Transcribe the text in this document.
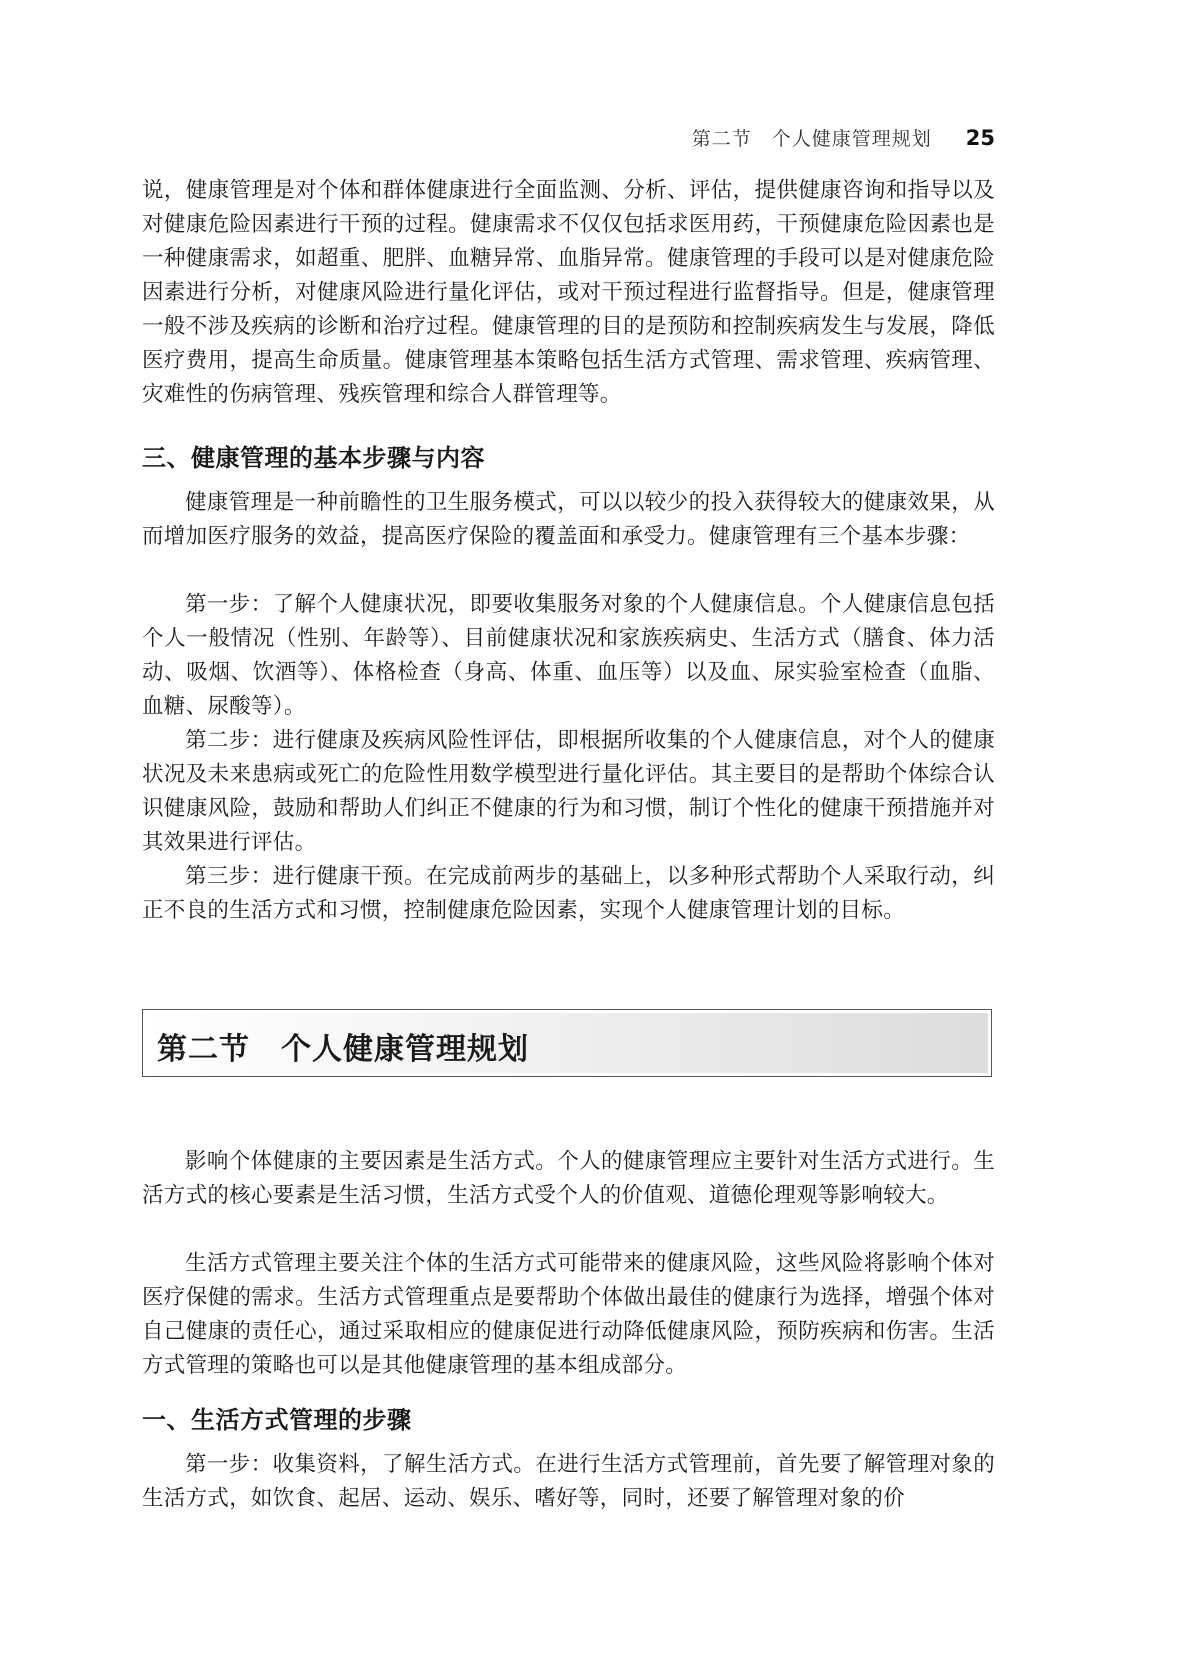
第二节　个人健康管理规划 25

说，健康管理是对个体和群体健康进行全面监测、分析、评估，提供健康咨询和指导以及对健康危险因素进行干预的过程。健康需求不仅仅包括求医用药，干预健康危险因素也是一种健康需求，如超重、肥胖、血糖异常、血脂异常。健康管理的手段可以是对健康危险因素进行分析，对健康风险进行量化评估，或对干预过程进行监督指导。但是，健康管理一般不涉及疾病的诊断和治疗过程。健康管理的目的是预防和控制疾病发生与发展，降低医疗费用，提高生命质量。健康管理基本策略包括生活方式管理、需求管理、疾病管理、灾难性的伤病管理、残疾管理和综合人群管理等。

三、健康管理的基本步骤与内容

健康管理是一种前瞻性的卫生服务模式，可以以较少的投入获得较大的健康效果，从而增加医疗服务的效益，提高医疗保险的覆盖面和承受力。健康管理有三个基本步骤：

第一步：了解个人健康状况，即要收集服务对象的个人健康信息。个人健康信息包括个人一般情况（性别、年龄等）、目前健康状况和家族疾病史、生活方式（膳食、体力活动、吸烟、饮酒等）、体格检查（身高、体重、血压等）以及血、尿实验室检查（血脂、血糖、尿酸等）。

第二步：进行健康及疾病风险性评估，即根据所收集的个人健康信息，对个人的健康状况及未来患病或死亡的危险性用数学模型进行量化评估。其主要目的是帮助个体综合认识健康风险，鼓励和帮助人们纠正不健康的行为和习惯，制订个性化的健康干预措施并对其效果进行评估。

第三步：进行健康干预。在完成前两步的基础上，以多种形式帮助个人采取行动，纠正不良的生活方式和习惯，控制健康危险因素，实现个人健康管理计划的目标。

第二节　个人健康管理规划

影响个体健康的主要因素是生活方式。个人的健康管理应主要针对生活方式进行。生活方式的核心要素是生活习惯，生活方式受个人的价值观、道德伦理观等影响较大。

生活方式管理主要关注个体的生活方式可能带来的健康风险，这些风险将影响个体对医疗保健的需求。生活方式管理重点是要帮助个体做出最佳的健康行为选择，增强个体对自己健康的责任心，通过采取相应的健康促进行动降低健康风险，预防疾病和伤害。生活方式管理的策略也可以是其他健康管理的基本组成部分。

一、生活方式管理的步骤

第一步：收集资料，了解生活方式。在进行生活方式管理前，首先要了解管理对象的生活方式，如饮食、起居、运动、娱乐、嗜好等，同时，还要了解管理对象的价
